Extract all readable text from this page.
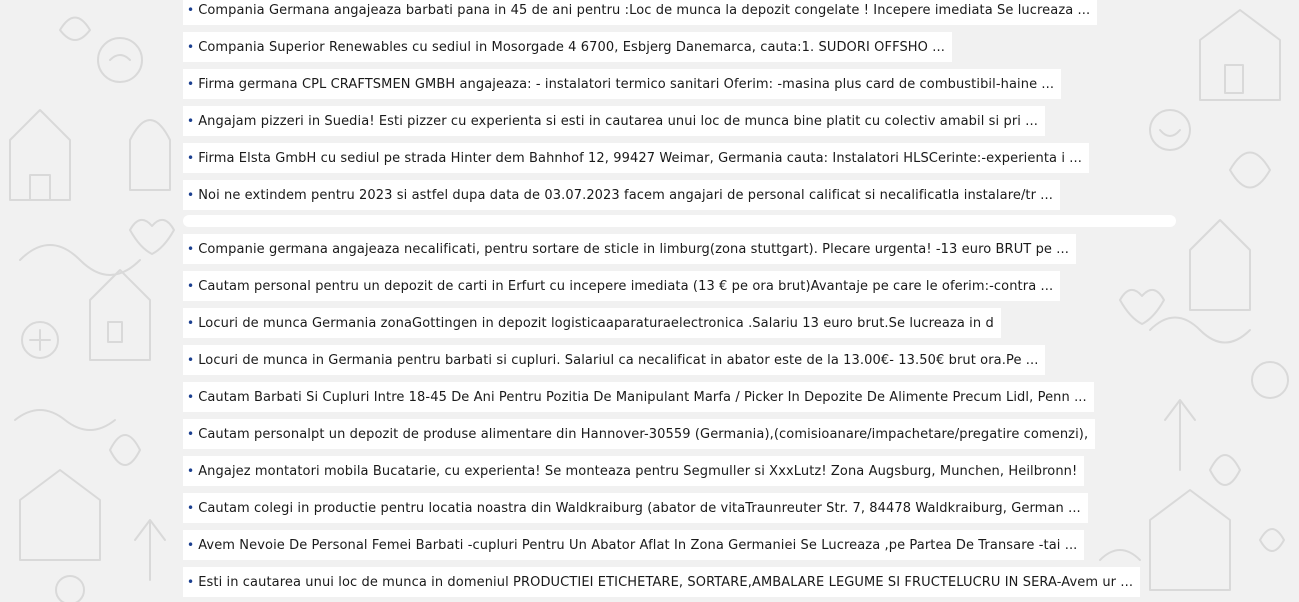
• Compania Germana angajeaza barbati pana in 45 de ani pentru :Loc de munca la depozit congelate ! Incepere imediata Se lucreaza ...
• Compania Superior Renewables cu sediul in Mosorgade 4 6700, Esbjerg Danemarca, cauta:1. SUDORI OFFSHO ...
• Firma germana CPL CRAFTSMEN GMBH angajeaza: - instalatori termico sanitari Oferim: -masina plus card de combustibil-haine ...
• Angajam pizzeri in Suedia! Esti pizzer cu experienta si esti in cautarea unui loc de munca bine platit cu colectiv amabil si pri ...
• Firma Elsta GmbH cu sediul pe strada Hinter dem Bahnhof 12, 99427 Weimar, Germania cauta: Instalatori HLSCerinte:-experienta i ...
• Noi ne extindem pentru 2023 si astfel dupa data de 03.07.2023 facem angajari de personal calificat si necalificatla instalare/tr ...
• Companie germana angajeaza necalificati, pentru sortare de sticle in limburg(zona stuttgart). Plecare urgenta! -13 euro BRUT pe ...
• Cautam personal pentru un depozit de carti in Erfurt cu incepere imediata (13 € pe ora brut)Avantaje pe care le oferim:-contra ...
• Locuri de munca Germania zonaGottingen in depozit logisticaaparaturaelectronica .Salariu 13 euro brut.Se lucreaza in d
• Locuri de munca in Germania pentru barbati si cupluri. Salariul ca necalificat in abator este de la 13.00€- 13.50€ brut ora.Pe ...
• Cautam Barbati Si Cupluri Intre 18-45 De Ani Pentru Pozitia De Manipulant Marfa / Picker In Depozite De Alimente Precum Lidl, Penn ...
• Cautam personalpt un depozit de produse alimentare din Hannover-30559 (Germania),(comisioanare/impachetare/pregatire comenzi),
• Angajez montatori mobila Bucatarie, cu experienta! Se monteaza pentru Segmuller si XxxLutz! Zona Augsburg, Munchen, Heilbronn!
• Cautam colegi in productie pentru locatia noastra din Waldkraiburg (abator de vitaTraunreuter Str. 7, 84478 Waldkraiburg, German ...
• Avem Nevoie De Personal Femei Barbati -cupluri Pentru Un Abator Aflat In Zona Germaniei Se Lucreaza ,pe Partea De Transare -tai ...
• Esti in cautarea unui loc de munca in domeniul PRODUCTIEI ETICHETARE, SORTARE,AMBALARE LEGUME SI FRUCTELUCRU IN SERA-Avem ur ...
